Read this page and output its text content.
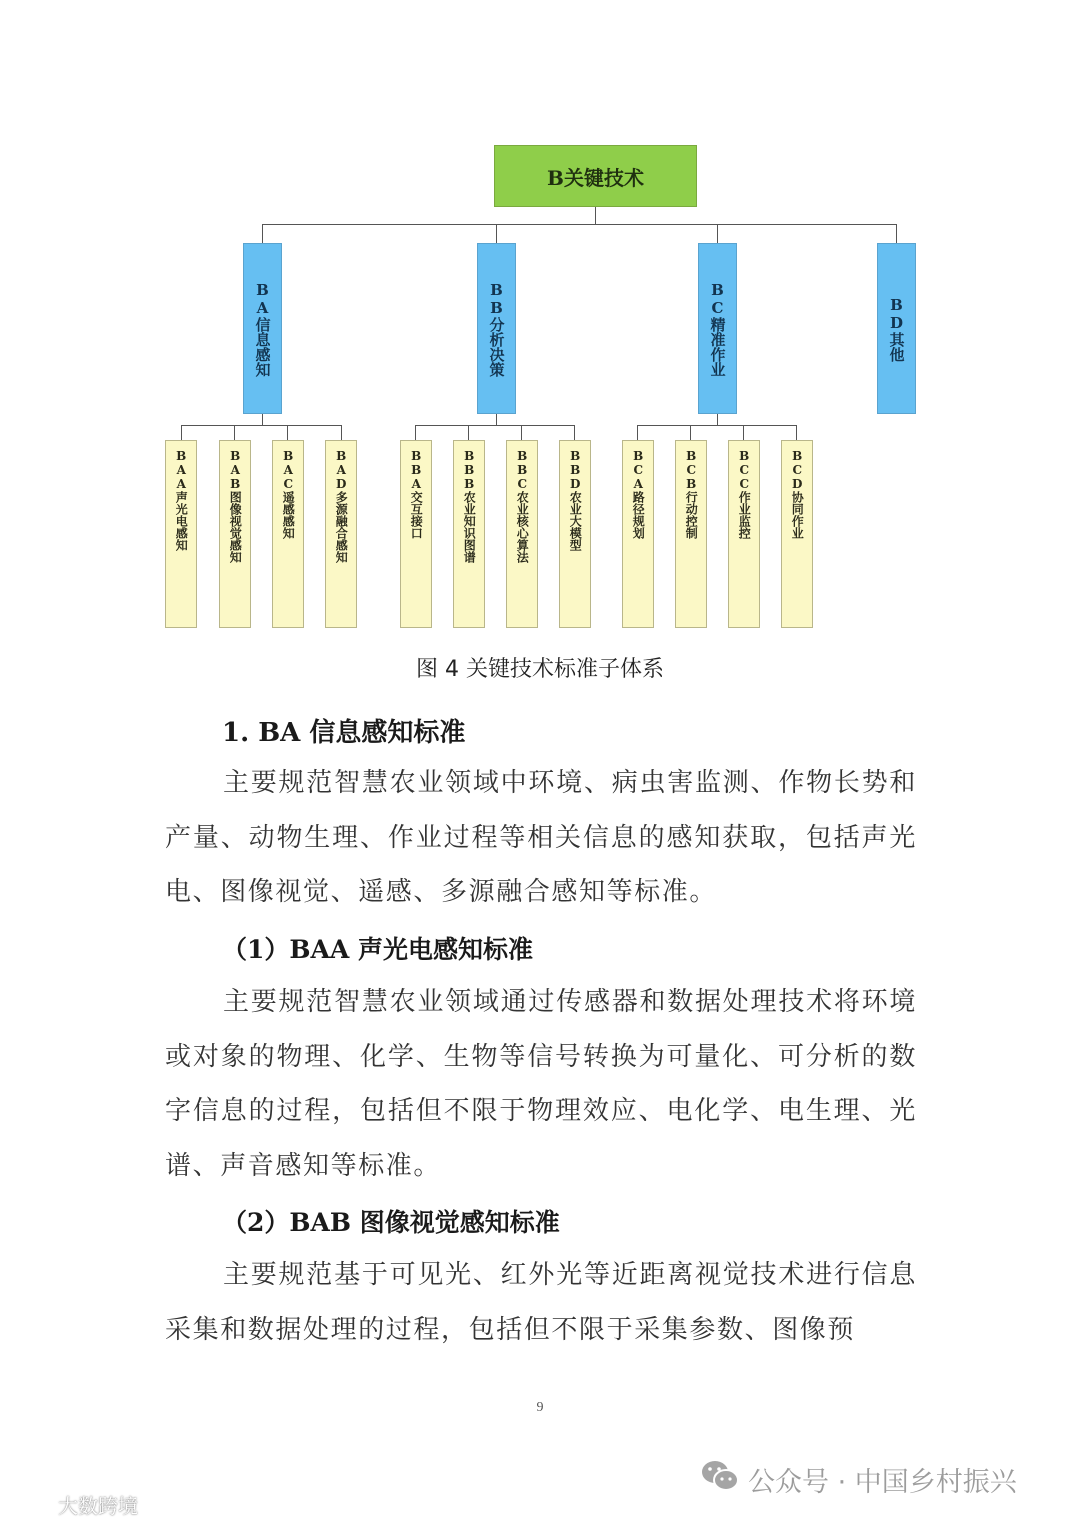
B关键技术
B
A
信息感知
B
B
分析决策
B
C
精准作业
B
D
其他
BAA
声光电感知
BAB
图像视觉感知
BAC
遥感感知
BAD
多源融合感知
BBA
交互接口
BBB
农业知识图谱
BBC
农业核心算法
BBD
农业大模型
BCA
路径规划
BCB
行动控制
BCC
作业监控
BCD
协同作业
图 4 关键技术标准子体系
1. BA 信息感知标准
主要规范智慧农业领域中环境、病虫害监测、作物长势和产量、动物生理、作业过程等相关信息的感知获取，包括声光电、图像视觉、遥感、多源融合感知等标准。
（1）BAA 声光电感知标准
主要规范智慧农业领域通过传感器和数据处理技术将环境或对象的物理、化学、生物等信号转换为可量化、可分析的数字信息的过程，包括但不限于物理效应、电化学、电生理、光谱、声音感知等标准。
（2）BAB 图像视觉感知标准
主要规范基于可见光、红外光等近距离视觉技术进行信息采集和数据处理的过程，包括但不限于采集参数、图像预
9
公众号 · 中国乡村振兴
大数跨境
